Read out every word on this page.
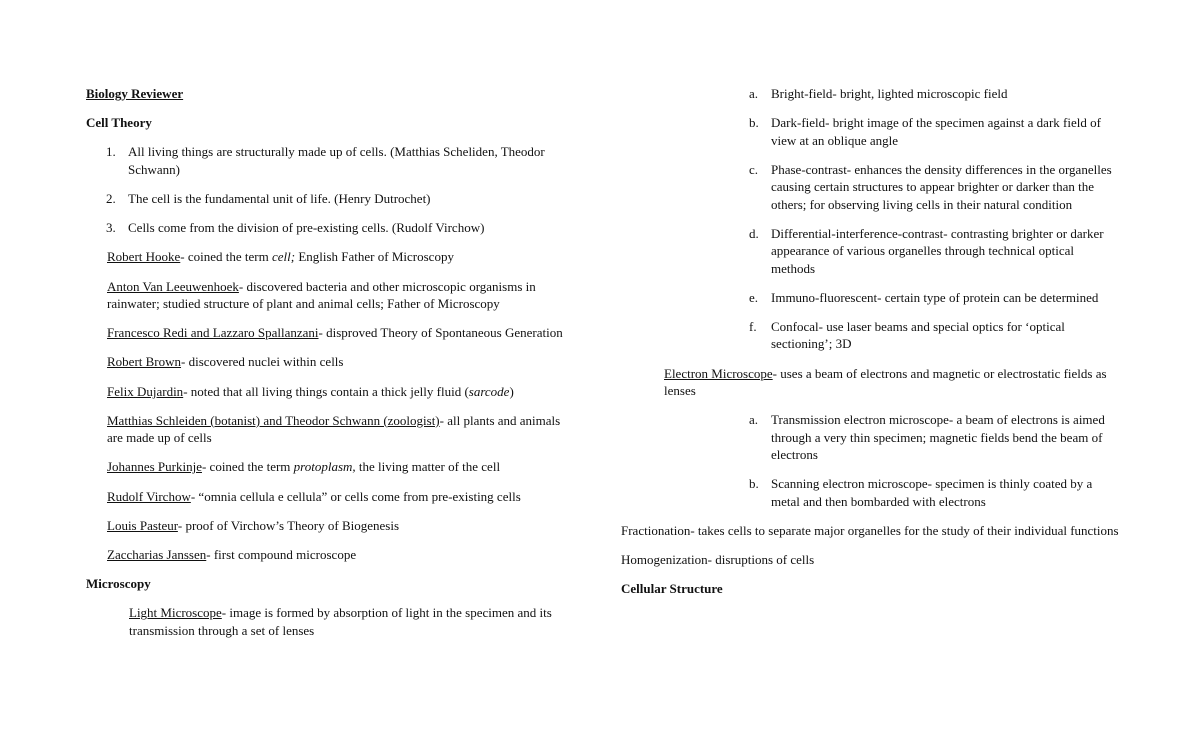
Biology Reviewer

Cell Theory

1. All living things are structurally made up of cells. (Matthias Scheliden, Theodor Schwann)

2. The cell is the fundamental unit of life. (Henry Dutrochet)

3. Cells come from the division of pre-existing cells. (Rudolf Virchow)

Robert Hooke- coined the term cell; English Father of Microscopy

Anton Van Leeuwenhoek- discovered bacteria and other microscopic organisms in rainwater; studied structure of plant and animal cells; Father of Microscopy

Francesco Redi and Lazzaro Spallanzani- disproved Theory of Spontaneous Generation

Robert Brown- discovered nuclei within cells

Felix Dujardin- noted that all living things contain a thick jelly fluid (sarcode)

Matthias Schleiden (botanist) and Theodor Schwann (zoologist)- all plants and animals are made up of cells

Johannes Purkinje- coined the term protoplasm, the living matter of the cell

Rudolf Virchow- “omnia cellula e cellula” or cells come from pre-existing cells

Louis Pasteur- proof of Virchow’s Theory of Biogenesis

Zaccharias Janssen- first compound microscope

Microscopy

Light Microscope- image is formed by absorption of light in the specimen and its transmission through a set of lenses

a. Bright-field- bright, lighted microscopic field

b. Dark-field- bright image of the specimen against a dark field of view at an oblique angle

c. Phase-contrast- enhances the density differences in the organelles causing certain structures to appear brighter or darker than the others; for observing living cells in their natural condition

d. Differential-interference-contrast- contrasting brighter or darker appearance of various organelles through technical optical methods

e. Immuno-fluorescent- certain type of protein can be determined

f. Confocal- use laser beams and special optics for ‘optical sectioning’; 3D

Electron Microscope- uses a beam of electrons and magnetic or electrostatic fields as lenses

a. Transmission electron microscope- a beam of electrons is aimed through a very thin specimen; magnetic fields bend the beam of electrons

b. Scanning electron microscope- specimen is thinly coated by a metal and then bombarded with electrons

Fractionation- takes cells to separate major organelles for the study of their individual functions

Homogenization- disruptions of cells

Cellular Structure
